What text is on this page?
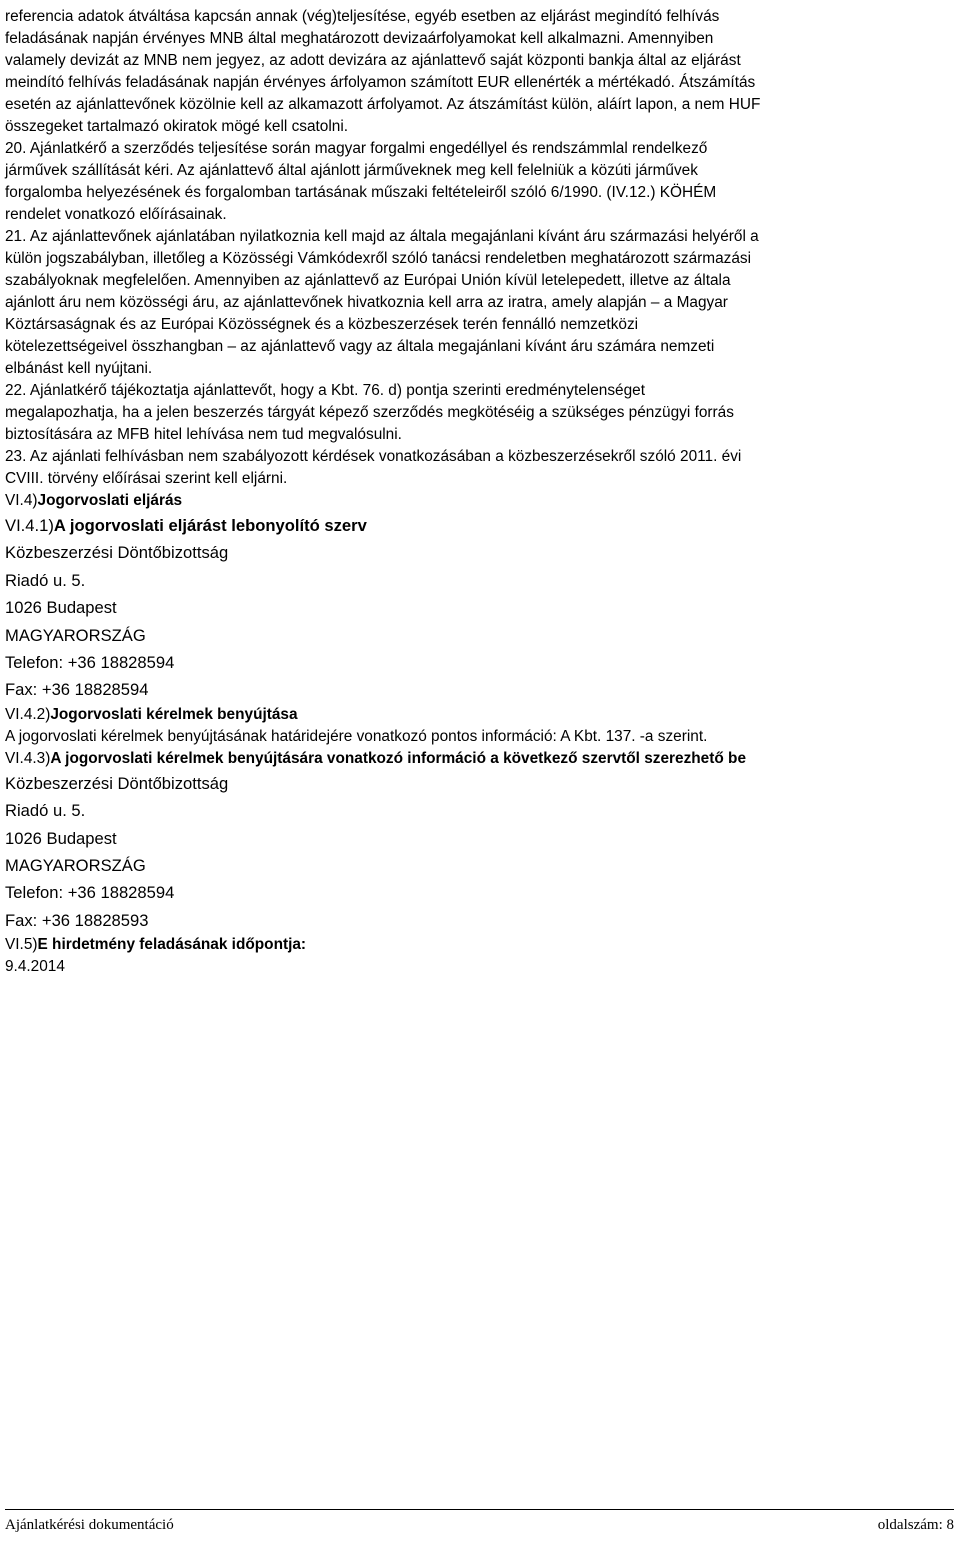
referencia adatok átváltása kapcsán annak (vég)teljesítése, egyéb esetben az eljárást megindító felhívás
feladásának napján érvényes MNB által meghatározott devizaárfolyamokat kell alkalmazni. Amennyiben
valamely devizát az MNB nem jegyez, az adott devizára az ajánlattevő saját központi bankja által az eljárást
meindító felhívás feladásának napján érvényes árfolyamon számított EUR ellenérték a mértékadó. Átszámítás
esetén az ajánlattevőnek közölnie kell az alkamazott árfolyamot. Az átszámítást külön, aláírt lapon, a nem HUF
összegeket tartalmazó okiratok mögé kell csatolni.

20. Ajánlatkérő a szerződés teljesítése során magyar forgalmi engedéllyel és rendszámmlal rendelkező
járművek szállítását kéri. Az ajánlattevő által ajánlott járműveknek meg kell felelniük a közúti járművek
forgalomba helyezésének és forgalomban tartásának műszaki feltételeiről szóló 6/1990. (IV.12.) KÖHÉM
rendelet vonatkozó előírásainak.

21. Az ajánlattevőnek ajánlatában nyilatkoznia kell majd az általa megajánlani kívánt áru származási helyéről a
külön jogszabályban, illetőleg a Közösségi Vámkódexről szóló tanácsi rendeletben meghatározott származási
szabályoknak megfelelően. Amennyiben az ajánlattevő az Európai Unión kívül letelepedett, illetve az általa
ajánlott áru nem közösségi áru, az ajánlattevőnek hivatkoznia kell arra az iratra, amely alapján – a Magyar
Köztársaságnak és az Európai Közösségnek és a közbeszerzések terén fennálló nemzetközi
kötelezettségeivel összhangban – az ajánlattevő vagy az általa megajánlani kívánt áru számára nemzeti
elbánást kell nyújtani.

22. Ajánlatkérő tájékoztatja ajánlattevőt, hogy a Kbt. 76. d) pontja szerinti eredménytelenséget
megalapozhatja, ha a jelen beszerzés tárgyát képező szerződés megkötéséig a szükséges pénzügyi forrás
biztosítására az MFB hitel lehívása nem tud megvalósulni.

23. Az ajánlati felhívásban nem szabályozott kérdések vonatkozásában a közbeszerzésekről szóló 2011. évi
CVIII. törvény előírásai szerint kell eljárni.

VI.4)Jogorvoslati eljárás

VI.4.1)A jogorvoslati eljárást lebonyolító szerv

Közbeszerzési Döntőbizottság

Riadó u. 5.

1026 Budapest

MAGYARORSZÁG

Telefon: +36 18828594

Fax: +36 18828594

VI.4.2)Jogorvoslati kérelmek benyújtása

A jogorvoslati kérelmek benyújtásának határidejére vonatkozó pontos információ: A Kbt. 137. -a szerint.

VI.4.3)A jogorvoslati kérelmek benyújtására vonatkozó információ a következő szervtől szerezhető be

Közbeszerzési Döntőbizottság

Riadó u. 5.

1026 Budapest

MAGYARORSZÁG

Telefon: +36 18828594

Fax: +36 18828593

VI.5)E hirdetmény feladásának időpontja:

9.4.2014

Ajánlatkérési dokumentáció	oldalszám: 8
